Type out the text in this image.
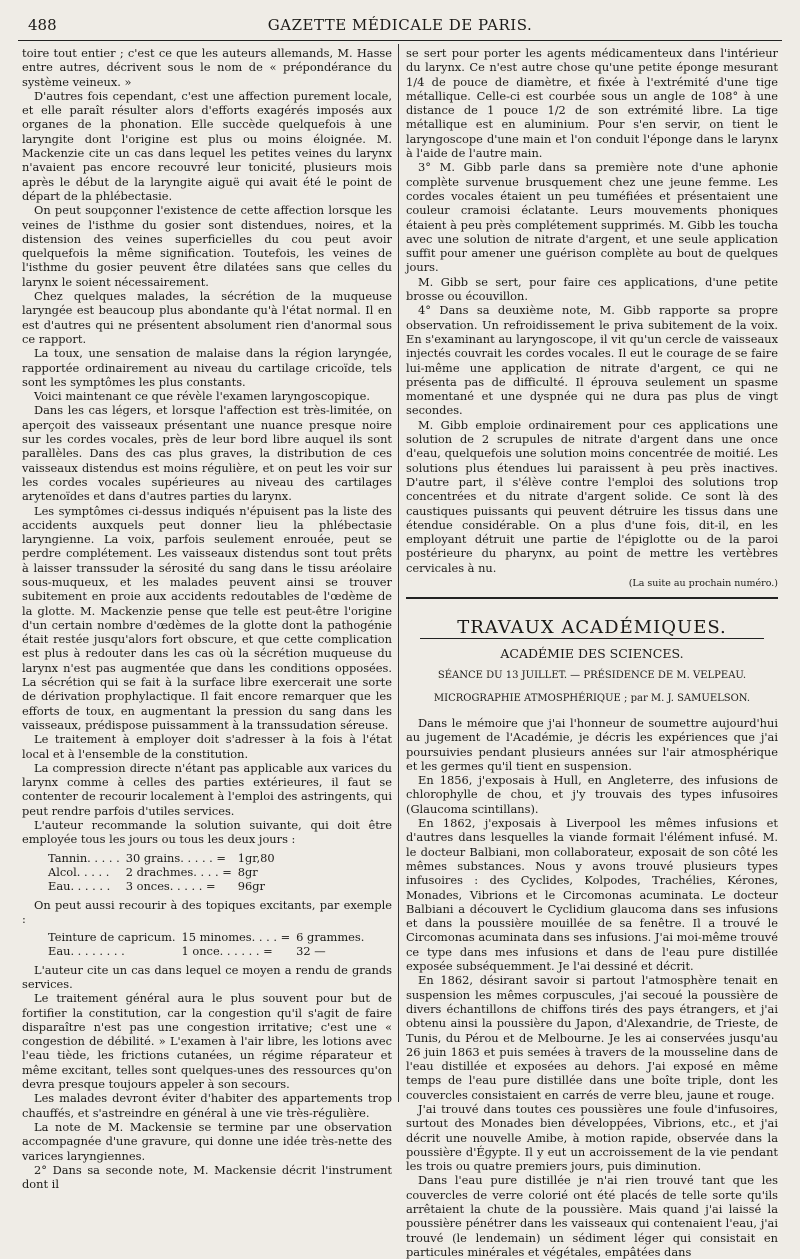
488	GAZETTE MÉDICALE DE PARIS.

toire tout entier ; c'est ce que les auteurs allemands, M. Hasse entre autres, décrivent sous le nom de « prépondérance du système veineux. »

D'autres fois cependant, c'est une affection purement locale, et elle paraît résulter alors d'efforts exagérés imposés aux organes de la phonation. Elle succède quelquefois à une laryngite dont l'origine est plus ou moins éloignée. M. Mackenzie cite un cas dans lequel les petites veines du larynx n'avaient pas encore recouvré leur tonicité, plusieurs mois après le début de la laryngite aiguë qui avait été le point de départ de la phlébectasie.

On peut soupçonner l'existence de cette affection lorsque les veines de l'isthme du gosier sont distendues, noires, et la distension des veines superficielles du cou peut avoir quelquefois la même signification. Toutefois, les veines de l'isthme du gosier peuvent être dilatées sans que celles du larynx le soient nécessairement.

Chez quelques malades, la sécrétion de la muqueuse laryngée est beaucoup plus abondante qu'à l'état normal. Il en est d'autres qui ne présentent absolument rien d'anormal sous ce rapport.

La toux, une sensation de malaise dans la région laryngée, rapportée ordinairement au niveau du cartilage cricoïde, tels sont les symptômes les plus constants.

Voici maintenant ce que révèle l'examen laryngoscopique.

Dans les cas légers, et lorsque l'affection est très-limitée, on aperçoit des vaisseaux présentant une nuance presque noire sur les cordes vocales, près de leur bord libre auquel ils sont parallèles. Dans des cas plus graves, la distribution de ces vaisseaux distendus est moins régulière, et on peut les voir sur les cordes vocales supérieures au niveau des cartilages arytenoïdes et dans d'autres parties du larynx.

Les symptômes ci-dessus indiqués n'épuisent pas la liste des accidents auxquels peut donner lieu la phlébectasie laryngienne. La voix, parfois seulement enrouée, peut se perdre complétement. Les vaisseaux distendus sont tout prêts à laisser transsuder la sérosité du sang dans le tissu aréolaire sous-muqueux, et les malades peuvent ainsi se trouver subitement en proie aux accidents redoutables de l'œdème de la glotte. M. Mackenzie pense que telle est peut-être l'origine d'un certain nombre d'œdèmes de la glotte dont la pathogénie était restée jusqu'alors fort obscure, et que cette complication est plus à redouter dans les cas où la sécrétion muqueuse du larynx n'est pas augmentée que dans les conditions opposées. La sécrétion qui se fait à la surface libre exercerait une sorte de dérivation prophylactique. Il fait encore remarquer que les efforts de toux, en augmentant la pression du sang dans les vaisseaux, prédispose puissamment à la transsudation séreuse.

Le traitement à employer doit s'adresser à la fois à l'état local et à l'ensemble de la constitution.

La compression directe n'étant pas applicable aux varices du larynx comme à celles des parties extérieures, il faut se contenter de recourir localement à l'emploi des astringents, qui peut rendre parfois d'utiles services.

L'auteur recommande la solution suivante, qui doit être employée tous les jours ou tous les deux jours :

Tannin. . . . .	30 grains. . . . . =	1gr,80
Alcol. . . . .	2 drachmes. . . . =	8gr
Eau. . . . . .	3 onces. . . . . =	96gr

On peut aussi recourir à des topiques excitants, par exemple :

Teinture de capricum.	15 minomes. . . . =	6 grammes.
Eau. . . . . . . .	1 once. . . . . . =	32 —

L'auteur cite un cas dans lequel ce moyen a rendu de grands services.

Le traitement général aura le plus souvent pour but de fortifier la constitution, car la congestion qu'il s'agit de faire disparaître n'est pas une congestion irritative; c'est une « congestion de débilité. » L'examen à l'air libre, les lotions avec l'eau tiède, les frictions cutanées, un régime réparateur et même excitant, telles sont quelques-unes des ressources qu'on devra presque toujours appeler à son secours.

Les malades devront éviter d'habiter des appartements trop chauffés, et s'astreindre en général à une vie très-régulière.

La note de M. Mackensie se termine par une observation accompagnée d'une gravure, qui donne une idée très-nette des varices laryngiennes.

2° Dans sa seconde note, M. Mackensie décrit l'instrument dont il

se sert pour porter les agents médicamenteux dans l'intérieur du larynx. Ce n'est autre chose qu'une petite éponge mesurant 1/4 de pouce de diamètre, et fixée à l'extrémité d'une tige métallique. Celle-ci est courbée sous un angle de 108° à une distance de 1 pouce 1/2 de son extrémité libre. La tige métallique est en aluminium. Pour s'en servir, on tient le laryngoscope d'une main et l'on conduit l'éponge dans le larynx à l'aide de l'autre main.

3° M. Gibb parle dans sa première note d'une aphonie complète survenue brusquement chez une jeune femme. Les cordes vocales étaient un peu tuméfiées et présentaient une couleur cramoisi éclatante. Leurs mouvements phoniques étaient à peu près complétement supprimés. M. Gibb les toucha avec une solution de nitrate d'argent, et une seule application suffit pour amener une guérison complète au bout de quelques jours.

M. Gibb se sert, pour faire ces applications, d'une petite brosse ou écouvillon.

4° Dans sa deuxième note, M. Gibb rapporte sa propre observation. Un refroidissement le priva subitement de la voix. En s'examinant au laryngoscope, il vit qu'un cercle de vaisseaux injectés couvrait les cordes vocales. Il eut le courage de se faire lui-même une application de nitrate d'argent, ce qui ne présenta pas de difficulté. Il éprouva seulement un spasme momentané et une dyspnée qui ne dura pas plus de vingt secondes.

M. Gibb emploie ordinairement pour ces applications une solution de 2 scrupules de nitrate d'argent dans une once d'eau, quelquefois une solution moins concentrée de moitié. Les solutions plus étendues lui paraissent à peu près inactives. D'autre part, il s'élève contre l'emploi des solutions trop concentrées et du nitrate d'argent solide. Ce sont là des caustiques puissants qui peuvent détruire les tissus dans une étendue considérable. On a plus d'une fois, dit-il, en les employant détruit une partie de l'épiglotte ou de la paroi postérieure du pharynx, au point de mettre les vertèbres cervicales à nu.

(La suite au prochain numéro.)
TRAVAUX ACADÉMIQUES.
ACADÉMIE DES SCIENCES.
SÉANCE DU 13 JUILLET. — PRÉSIDENCE DE M. VELPEAU.
MICROGRAPHIE ATMOSPHÉRIQUE ; par M. J. SAMUELSON.

Dans le mémoire que j'ai l'honneur de soumettre aujourd'hui au jugement de l'Académie, je décris les expériences que j'ai poursuivies pendant plusieurs années sur l'air atmosphérique et les germes qu'il tient en suspension.

En 1856, j'exposais à Hull, en Angleterre, des infusions de chlorophylle de chou, et j'y trouvais des types infusoires (Glaucoma scintillans).

En 1862, j'exposais à Liverpool les mêmes infusions et d'autres dans lesquelles la viande formait l'élément infusé. M. le docteur Balbiani, mon collaborateur, exposait de son côté les mêmes substances. Nous y avons trouvé plusieurs types infusoires : des Cyclides, Kolpodes, Trachélies, Kérones, Monades, Vibrions et le Circomonas acuminata. Le docteur Balbiani a découvert le Cyclidium glaucoma dans ses infusions et dans la poussière mouillée de sa fenêtre. Il a trouvé le Circomonas acuminata dans ses infusions. J'ai moi-même trouvé ce type dans mes infusions et dans de l'eau pure distillée exposée subséquemment. Je l'ai dessiné et décrit.

En 1862, désirant savoir si partout l'atmosphère tenait en suspension les mêmes corpuscules, j'ai secoué la poussière de divers échantillons de chiffons tirés des pays étrangers, et j'ai obtenu ainsi la poussière du Japon, d'Alexandrie, de Trieste, de Tunis, du Pérou et de Melbourne. Je les ai conservées jusqu'au 26 juin 1863 et puis semées à travers de la mousseline dans de l'eau distillée et exposées au dehors. J'ai exposé en même temps de l'eau pure distillée dans une boîte triple, dont les couvercles consistaient en carrés de verre bleu, jaune et rouge.

J'ai trouvé dans toutes ces poussières une foule d'infusoires, surtout des Monades bien développées, Vibrions, etc., et j'ai décrit une nouvelle Amibe, à motion rapide, observée dans la poussière d'Égypte. Il y eut un accroissement de la vie pendant les trois ou quatre premiers jours, puis diminution.

Dans l'eau pure distillée je n'ai rien trouvé tant que les couvercles de verre colorié ont été placés de telle sorte qu'ils arrêtaient la chute de la poussière. Mais quand j'ai laissé la poussière pénétrer dans les vaisseaux qui contenaient l'eau, j'ai trouvé (le lendemain) un sédiment léger qui consistait en particules minérales et végétales, empâtées dans
